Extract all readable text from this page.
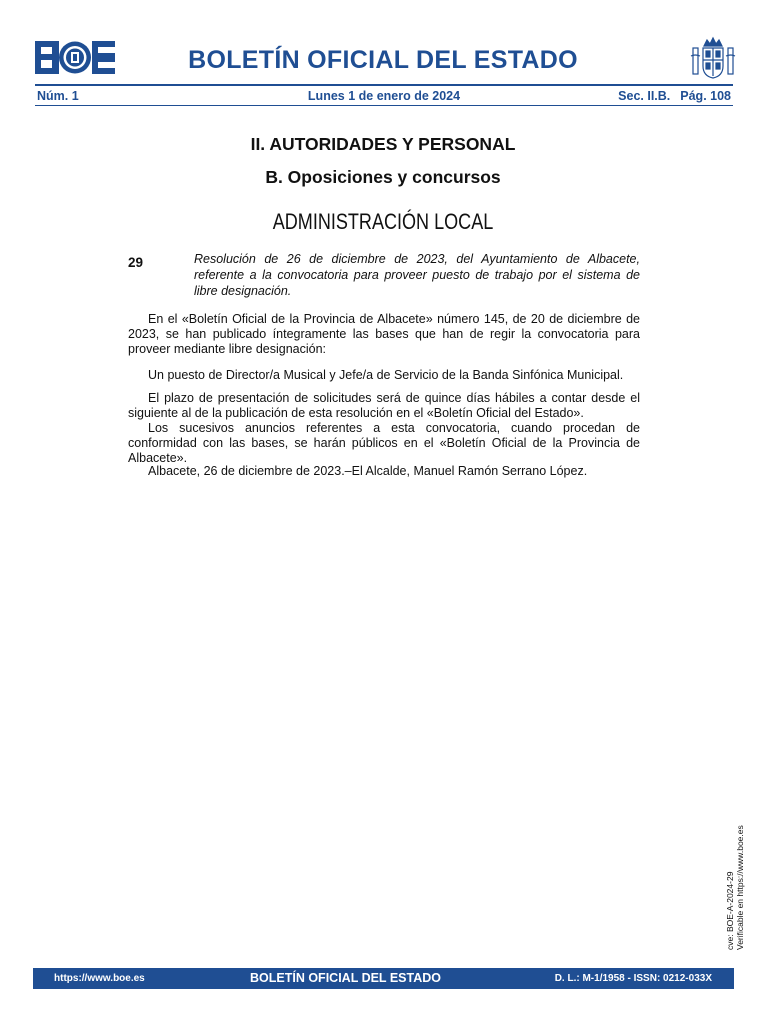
BOLETÍN OFICIAL DEL ESTADO
Núm. 1	Lunes 1 de enero de 2024	Sec. II.B. Pág. 108
II. AUTORIDADES Y PERSONAL
B. Oposiciones y concursos
ADMINISTRACIÓN LOCAL
29	Resolución de 26 de diciembre de 2023, del Ayuntamiento de Albacete, referente a la convocatoria para proveer puesto de trabajo por el sistema de libre designación.

En el «Boletín Oficial de la Provincia de Albacete» número 145, de 20 de diciembre de 2023, se han publicado íntegramente las bases que han de regir la convocatoria para proveer mediante libre designación:

Un puesto de Director/a Musical y Jefe/a de Servicio de la Banda Sinfónica Municipal.

El plazo de presentación de solicitudes será de quince días hábiles a contar desde el siguiente al de la publicación de esta resolución en el «Boletín Oficial del Estado».

Los sucesivos anuncios referentes a esta convocatoria, cuando procedan de conformidad con las bases, se harán públicos en el «Boletín Oficial de la Provincia de Albacete».

Albacete, 26 de diciembre de 2023.–El Alcalde, Manuel Ramón Serrano López.

cve: BOE-A-2024-29 Verificable en https://www.boe.es
https://www.boe.es	BOLETÍN OFICIAL DEL ESTADO	D. L.: M-1/1958 - ISSN: 0212-033X
